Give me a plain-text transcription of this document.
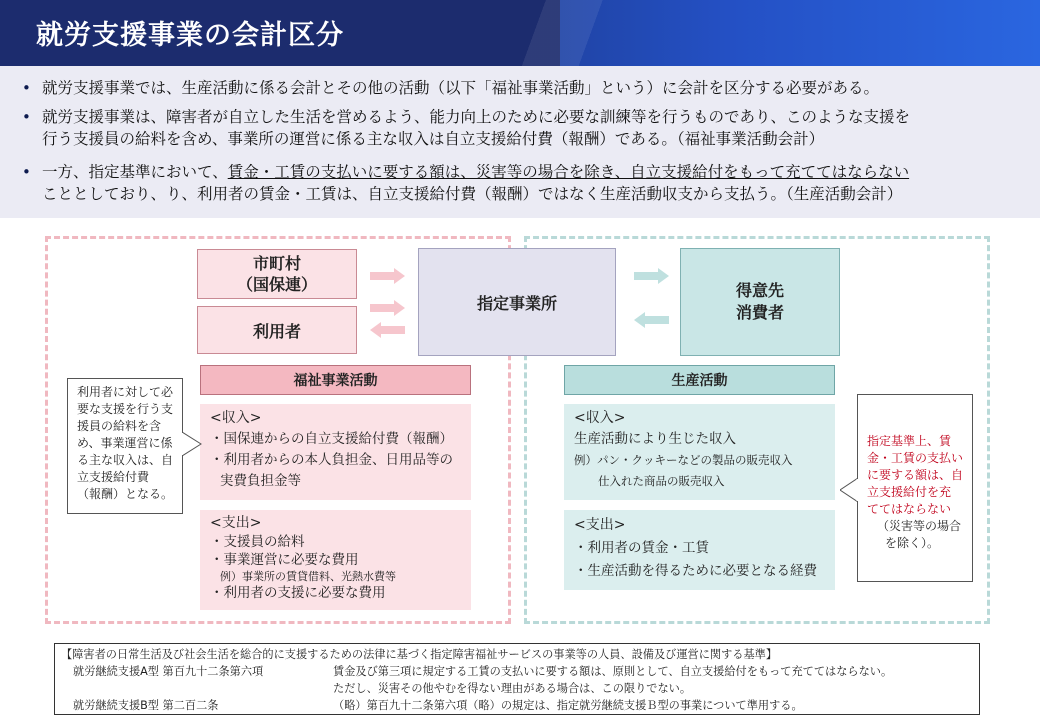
就労支援事業の会計区分
• 就労支援事業では、生産活動に係る会計とその他の活動（以下「福祉事業活動」という）に会計を区分する必要がある。
• 就労支援事業は、障害者が自立した生活を営めるよう、能力向上のために必要な訓練等を行うものであり、このような支援を
行う支援員の給料を含め、事業所の運営に係る主な収入は自立支援給付費（報酬）である。（福祉事業活動会計）
• 一方、指定基準において、賃金・工賃の支払いに要する額は、災害等の場合を除き、自立支援給付をもって充ててはならない
こととしており、り、利用者の賃金・工賃は、自立支援給付費（報酬）ではなく生産活動収支から支払う。（生産活動会計）
市町村
（国保連）
利用者
指定事業所
得意先
消費者
福祉事業活動	生産活動
<収入>
・国保連からの自立支援給付費（報酬）
・利用者からの本人負担金、日用品等の
実費負担金等
<支出>
・支援員の給料
・事業運営に必要な費用
例）事業所の賃貸借料、光熱水費等
・利用者の支援に必要な費用
<収入>
生産活動により生じた収入
例）パン・クッキーなどの製品の販売収入
仕入れた商品の販売収入
<支出>
・利用者の賃金・工賃
・生産活動を得るために必要となる経費
利用者に対して必
要な支援を行う支
援員の給料を含
め、事業運営に係
る主な収入は、自
立支援給付費
（報酬）となる。
指定基準上、賃
金・工賃の支払い
に要する額は、自
立支援給付を充
ててはならない
（災害等の場合
を除く）。
【障害者の日常生活及び社会生活を総合的に支援するための法律に基づく指定障害福祉サービスの事業等の人員、設備及び運営に関する基準】
就労継続支援A型 第百九十二条第六項	賃金及び第三項に規定する工賃の支払いに要する額は、原則として、自立支援給付をもって充ててはならない。
ただし、災害その他やむを得ない理由がある場合は、この限りでない。
就労継続支援B型 第二百二条	（略）第百九十二条第六項（略）の規定は、指定就労継続支援Ｂ型の事業について準用する。
